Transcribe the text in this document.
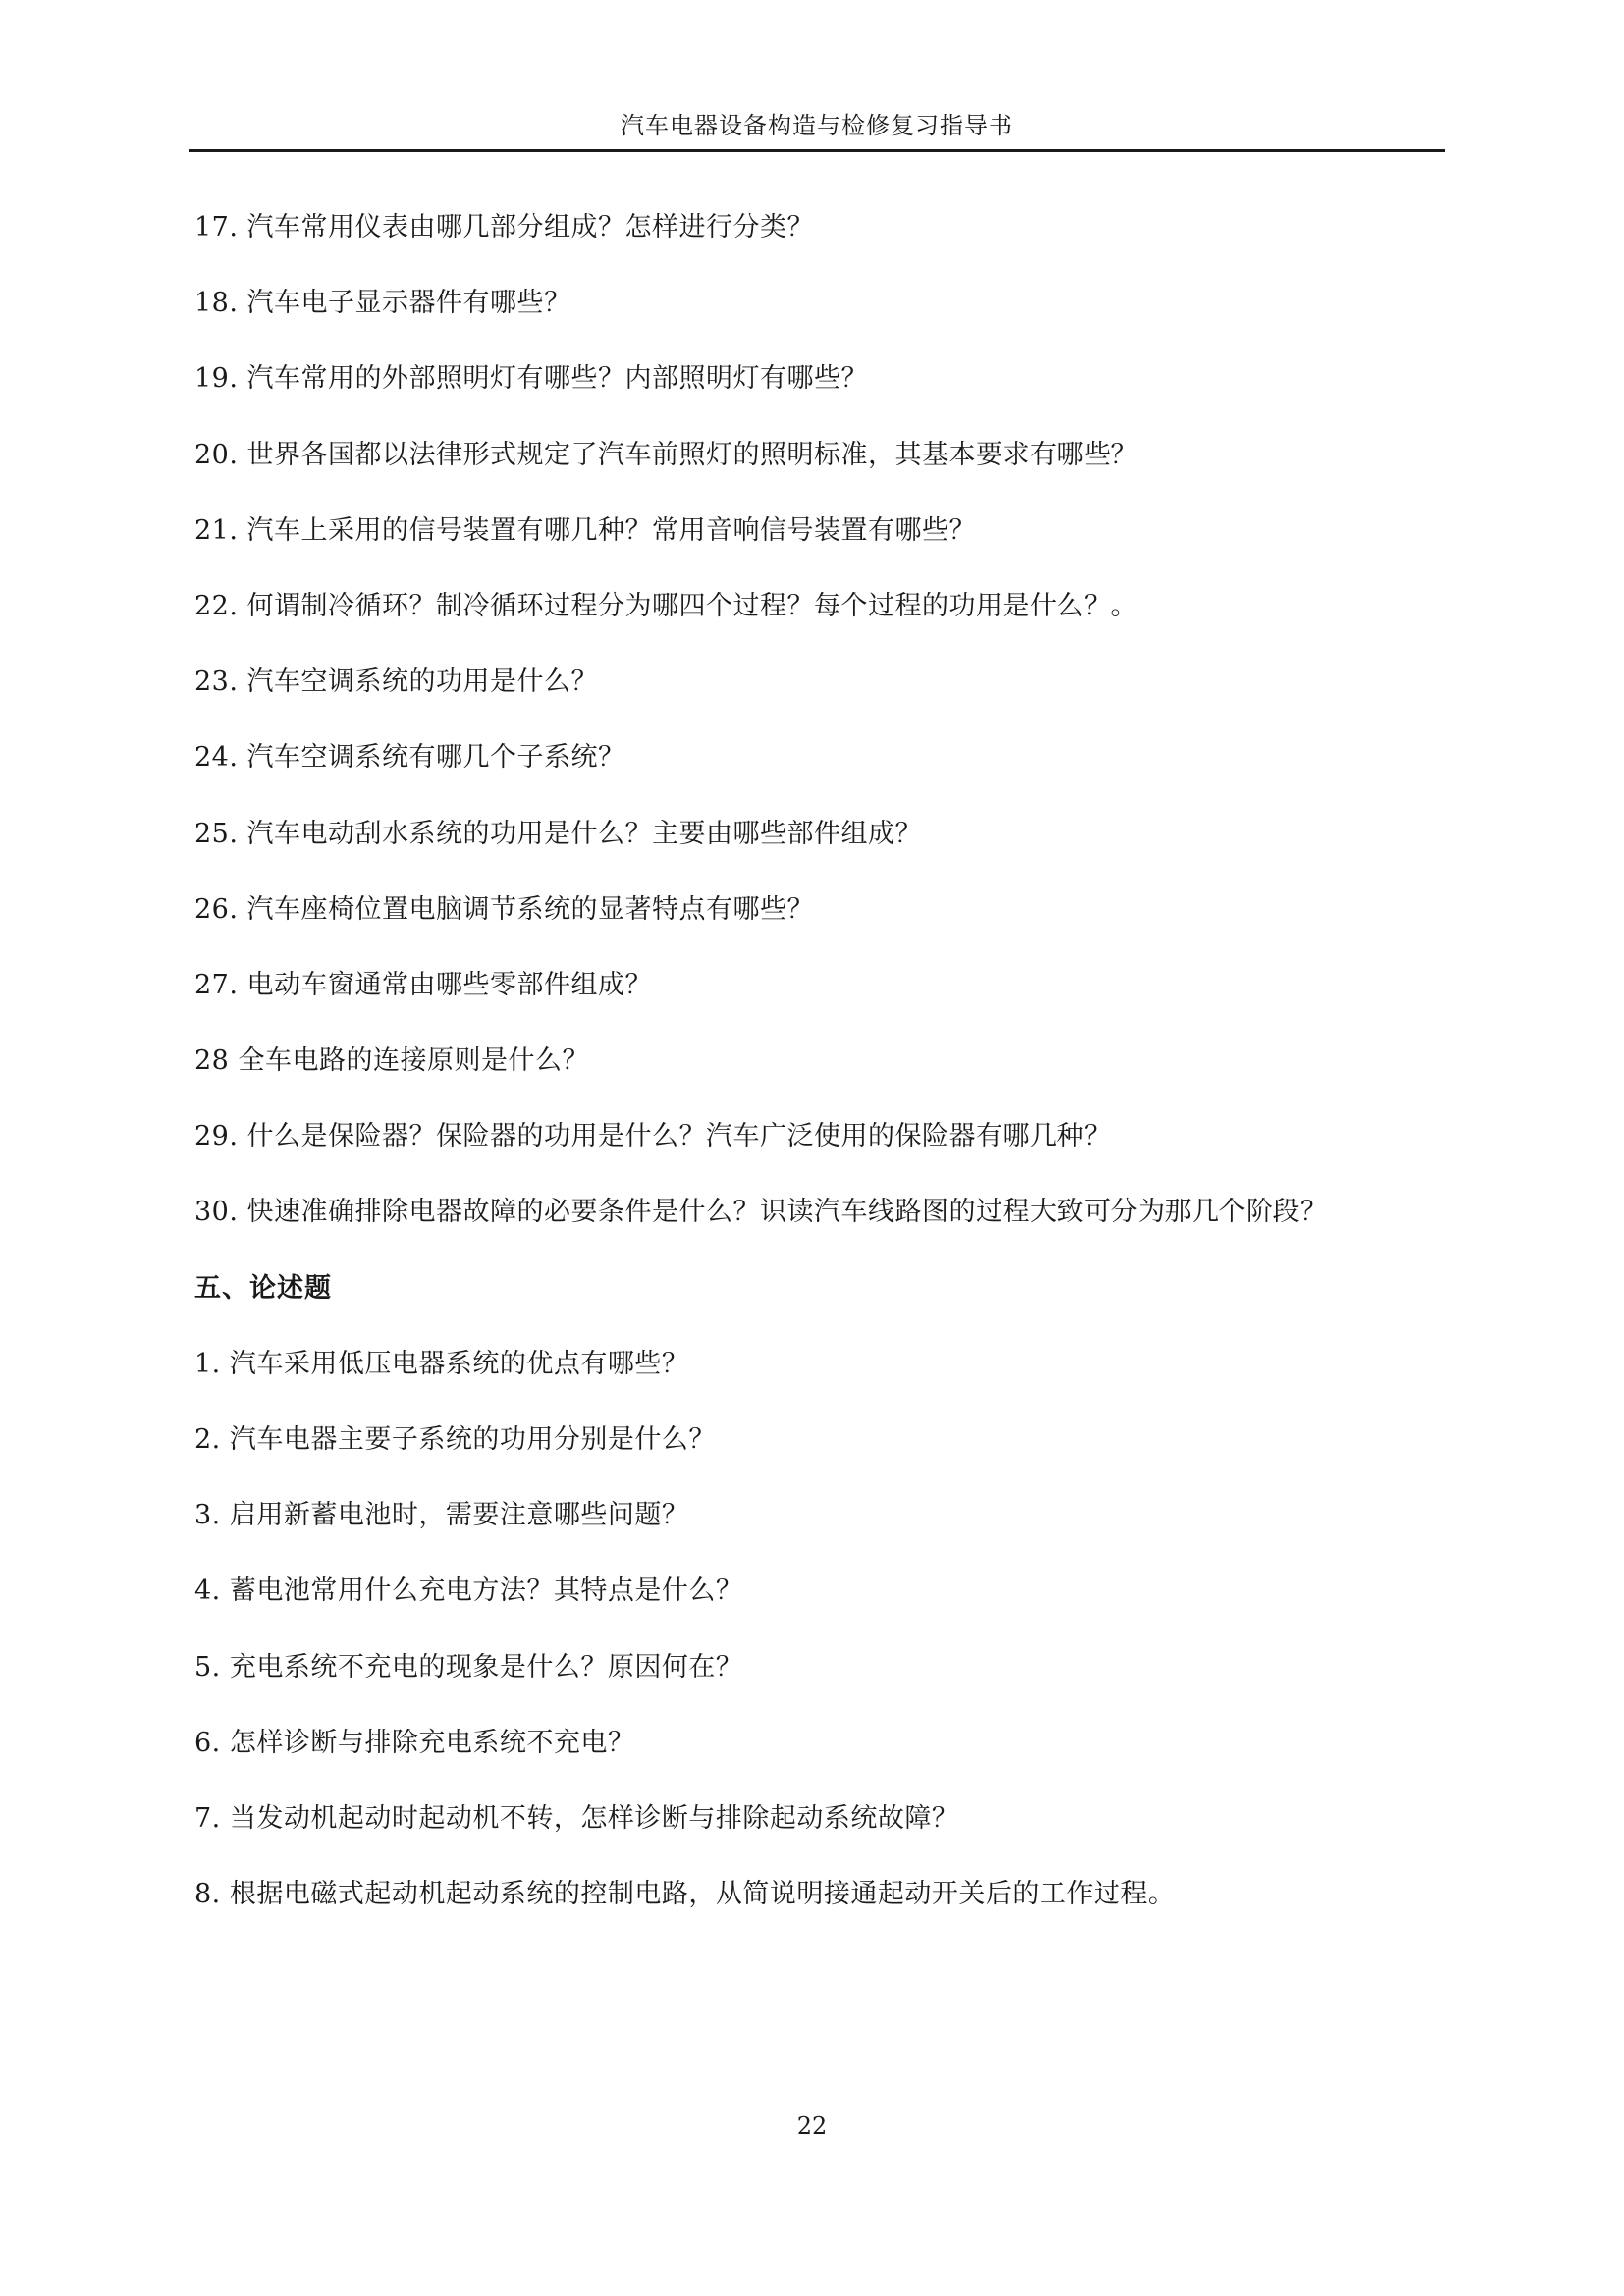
汽车电器设备构造与检修复习指导书
17. 汽车常用仪表由哪几部分组成？怎样进行分类？
18. 汽车电子显示器件有哪些？
19. 汽车常用的外部照明灯有哪些？内部照明灯有哪些？
20. 世界各国都以法律形式规定了汽车前照灯的照明标准，其基本要求有哪些？
21. 汽车上采用的信号装置有哪几种？常用音响信号装置有哪些？
22. 何谓制冷循环？制冷循环过程分为哪四个过程？每个过程的功用是什么？。
23. 汽车空调系统的功用是什么？
24. 汽车空调系统有哪几个子系统？
25. 汽车电动刮水系统的功用是什么？主要由哪些部件组成？
26. 汽车座椅位置电脑调节系统的显著特点有哪些？
27. 电动车窗通常由哪些零部件组成？
28 全车电路的连接原则是什么？
29. 什么是保险器？保险器的功用是什么？汽车广泛使用的保险器有哪几种？
30. 快速准确排除电器故障的必要条件是什么？识读汽车线路图的过程大致可分为那几个阶段？
五、论述题
1. 汽车采用低压电器系统的优点有哪些？
2. 汽车电器主要子系统的功用分别是什么？
3. 启用新蓄电池时，需要注意哪些问题？
4. 蓄电池常用什么充电方法？其特点是什么？
5. 充电系统不充电的现象是什么？原因何在？
6. 怎样诊断与排除充电系统不充电？
7. 当发动机起动时起动机不转，怎样诊断与排除起动系统故障？
8. 根据电磁式起动机起动系统的控制电路，从简说明接通起动开关后的工作过程。
22
